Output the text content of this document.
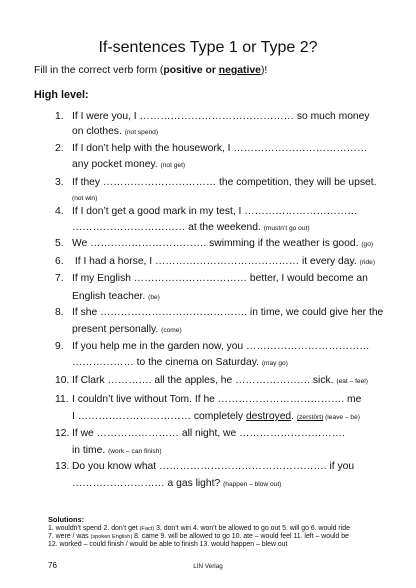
If-sentences Type 1 or Type 2?
Fill in the correct verb form (positive or negative)!
High level:
1. If I were you, I ……………………………………… so much money
on clothes. (not spend)
2. If I don’t help with the housework, I …………………………………
any pocket money. (not get)
3. If they …………………………… the competition, they will be upset.
(not win)
4. If I don’t get a good mark in my test, I ……………………………
…………………………… at the weekend. (mustn’t go out)
5. We ……………………………. swimming if the weather is good. (go)
6. If I had a horse, I …………………………………… it every day. (ride)
7. If my English …………………………… better, I would become an
English teacher. (be)
8. If she ……………………………………. in time, we could give her the
present personally. (come)
9. If you help me in the garden now, you ………………………………
……………… to the cinema on Saturday. (may go)
10. If Clark …………. all the apples, he …………………. sick. (eat – feel)
11. I couldn’t live without Tom. If he ………………………………. me
I …………………………… completely destroyed. (zerstört) (leave – be)
12. If we …………………… all night, we ………………………….
in time. (work – can finish)
13. Do you know what …………………………………………. if you
……………………… a gas light? (happen – blow out)
Solutions:
1. wouldn’t spend 2. don’t get (Fact) 3. don’t win 4. won’t be allowed to go out 5. will go 6. would ride
7. were / was (spoken English) 8. came 9. will be allowed to go 10. ate – would feel 11. left – would be
12. worked – could finish / would be able to finish 13. would happen – blew out
76	LIN Verlag
